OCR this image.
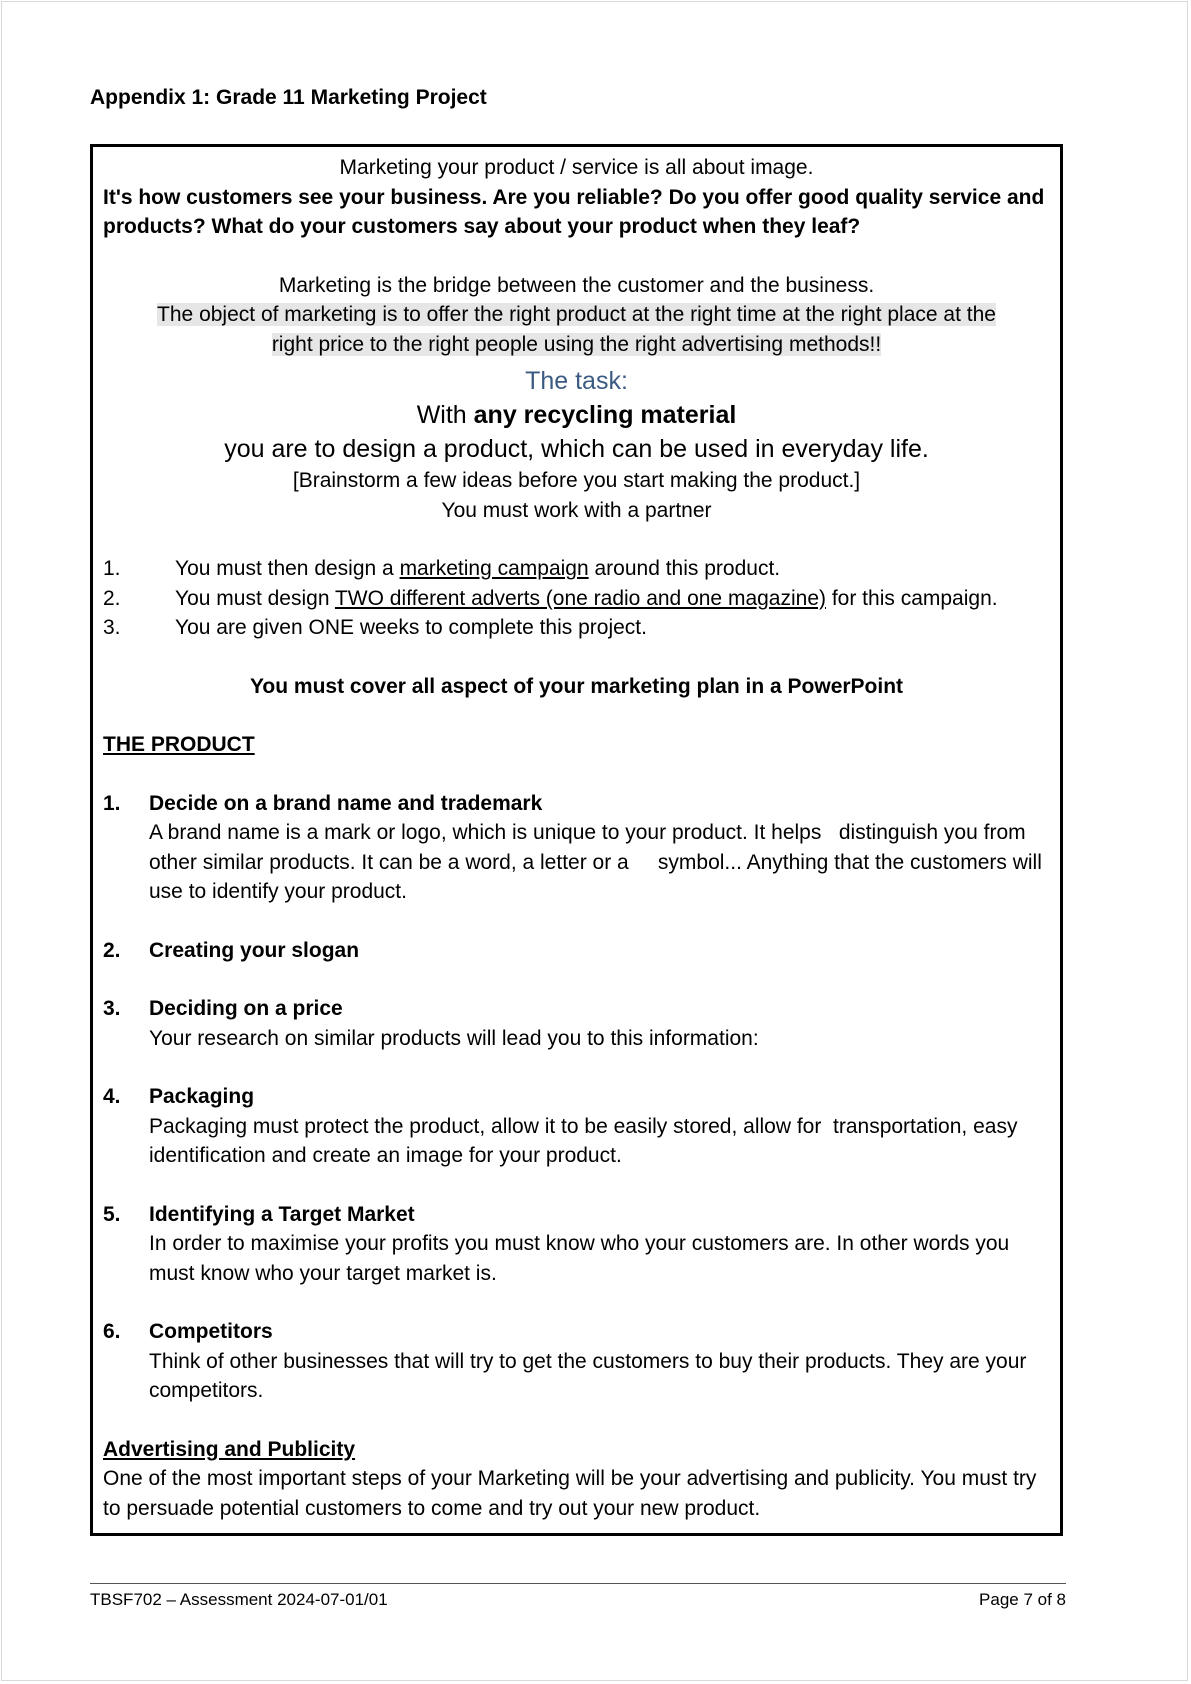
Appendix 1: Grade 11 Marketing Project
Marketing your product / service is all about image.
It's how customers see your business. Are you reliable? Do you offer good quality service and products? What do your customers say about your product when they leaf?
Marketing is the bridge between the customer and the business.
The object of marketing is to offer the right product at the right time at the right place at the
right price to the right people using the right advertising methods!!
The task:
With any recycling material
you are to design a product, which can be used in everyday life.
[Brainstorm a few ideas before you start making the product.]
You must work with a partner
1.	You must then design a marketing campaign around this product.
2.	You must design TWO different adverts (one radio and one magazine) for this campaign.
3.	You are given ONE weeks to complete this project.
You must cover all aspect of your marketing plan in a PowerPoint
THE PRODUCT
1.	Decide on a brand name and trademark
A brand name is a mark or logo, which is unique to your product. It helps   distinguish you from other similar products. It can be a word, a letter or a     symbol... Anything that the customers will use to identify your product.
2.	Creating your slogan
3.	Deciding on a price
Your research on similar products will lead you to this information:
4.	Packaging
Packaging must protect the product, allow it to be easily stored, allow for  transportation, easy identification and create an image for your product.
5.	Identifying a Target Market
In order to maximise your profits you must know who your customers are. In other words you must know who your target market is.
6.	Competitors
Think of other businesses that will try to get the customers to buy their products. They are your competitors.
Advertising and Publicity
One of the most important steps of your Marketing will be your advertising and publicity. You must try to persuade potential customers to come and try out your new product.
TBSF702 – Assessment 2024-07-01/01	Page 7 of 8
